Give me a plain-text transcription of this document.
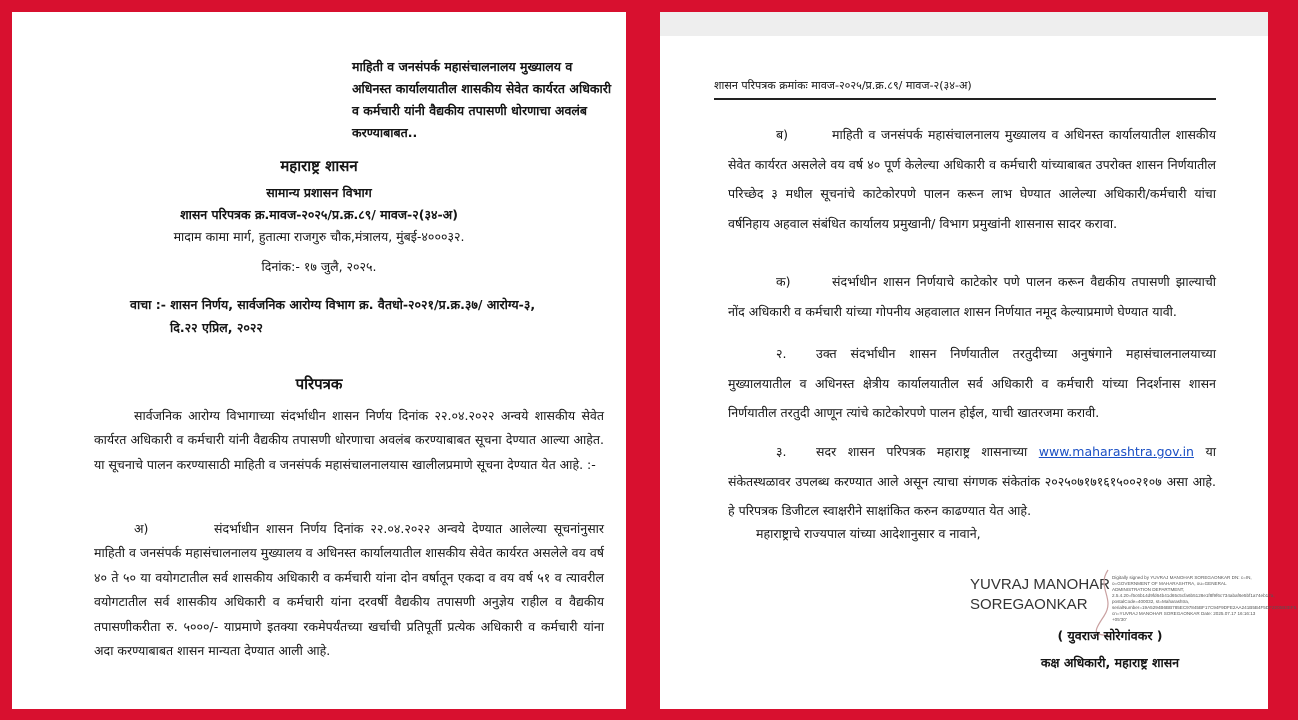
माहिती व जनसंपर्क महासंचालनालय मुख्यालय व अधिनस्त कार्यालयातील शासकीय सेवेत कार्यरत अधिकारी व कर्मचारी यांनी वैद्यकीय तपासणी धोरणाचा अवलंब करण्याबाबत..

महाराष्ट्र शासन

सामान्य प्रशासन विभाग

शासन परिपत्रक क्र.मावज-२०२५/प्र.क्र.८९/ मावज-२(३४-अ)

मादाम कामा मार्ग, हुतात्मा राजगुरु चौक,मंत्रालय, मुंबई-४०००३२.

दिनांक:- १७ जुलै, २०२५.

वाचा :- शासन निर्णय, सार्वजनिक आरोग्य विभाग क्र. वैतधो-२०२१/प्र.क्र.३७/ आरोग्य-३,

दि.२२ एप्रिल, २०२२

परिपत्रक

सार्वजनिक आरोग्य विभागाच्या संदर्भाधीन शासन निर्णय दिनांक २२.०४.२०२२ अन्वये शासकीय सेवेत कार्यरत अधिकारी व कर्मचारी यांनी वैद्यकीय तपासणी धोरणाचा अवलंब करण्याबाबत सूचना देण्यात आल्या आहेत. या सूचनाचे पालन करण्यासाठी माहिती व जनसंपर्क महासंचालनालयास खालीलप्रमाणे सूचना देण्यात येत आहे. :-

अ)	संदर्भाधीन शासन निर्णय दिनांक २२.०४.२०२२ अन्वये देण्यात आलेल्या सूचनांनुसार माहिती व जनसंपर्क महासंचालनालय मुख्यालय व अधिनस्त कार्यालयातील शासकीय सेवेत कार्यरत असलेले वय वर्ष ४० ते ५० या वयोगटातील सर्व शासकीय अधिकारी व कर्मचारी यांना दोन वर्षातून एकदा व वय वर्ष ५१ व त्यावरील वयोगटातील सर्व शासकीय अधिकारी व कर्मचारी यांना दरवर्षी वैद्यकीय तपासणी अनुज्ञेय राहील व वैद्यकीय तपासणीकरीता रु. ५०००/- याप्रमाणे इतक्या रकमेपर्यंतच्या खर्चाची प्रतिपूर्ती प्रत्येक अधिकारी व कर्मचारी यांना अदा करण्याबाबत शासन मान्यता देण्यात आली आहे.

शासन परिपत्रक क्रमांकः मावज-२०२५/प्र.क्र.८९/ मावज-२(३४-अ)

ब)	माहिती व जनसंपर्क महासंचालनालय मुख्यालय व अधिनस्त कार्यालयातील शासकीय सेवेत कार्यरत असलेले वय वर्ष ४० पूर्ण केलेल्या अधिकारी व कर्मचारी यांच्याबाबत उपरोक्त शासन निर्णयातील परिच्छेद ३ मधील सूचनांचे काटेकोरपणे पालन करून लाभ घेण्यात आलेल्या अधिकारी/कर्मचारी यांचा वर्षनिहाय अहवाल संबंधित कार्यालय प्रमुखानी/ विभाग प्रमुखांनी शासनास सादर करावा.

क)	संदर्भाधीन शासन निर्णयाचे काटेकोर पणे पालन करून वैद्यकीय तपासणी झाल्याची नोंद अधिकारी व कर्मचारी यांच्या गोपनीय अहवालात शासन निर्णयात नमूद केल्याप्रमाणे घेण्यात यावी.

२. उक्त संदर्भाधीन शासन निर्णयातील तरतुदीच्या अनुषंगाने महासंचालनालयाच्या मुख्यालयातील व अधिनस्त क्षेत्रीय कार्यालयातील सर्व अधिकारी व कर्मचारी यांच्या निदर्शनास शासन निर्णयातील तरतुदी आणून त्यांचे काटेकोरपणे पालन होईल, याची खातरजमा करावी.

३. सदर शासन परिपत्रक महाराष्ट्र शासनाच्या www.maharashtra.gov.in या संकेतस्थळावर उपलब्ध करण्यात आले असून त्याचा संगणक संकेतांक २०२५०७१७१६१५००२१०७ असा आहे. हे परिपत्रक डिजीटल स्वाक्षरीने साक्षांकित करुन काढण्यात येत आहे.

महाराष्ट्राचे राज्यपाल यांच्या आदेशानुसार व नावाने,

YUVRAJ MANOHAR
SOREGAONKAR

Digitally signed by YUVRAJ MANOHAR SOREGAONKAR DN: c=IN, o=GOVERNMENT OF MAHARASHTRA, ou=GENERAL ADMINISTRATION DEPARTMENT, 2.5.4.20=f5c6b14d9fd64b41d65c5cfa6b5128e1f8f9f6c734abaf6e5bf1a74eb17a, postalCode=400032, st=Maharashtra, serialNumber=19A5294B6BB785EC97845BF17C94F9DFE2AA241B5B4F5DF2205B3EF5, cn=YUVRAJ MANOHAR SOREGAONKAR Date: 2025.07.17 16:16:13 +05'30'

( युवराज सोरेगांवकर )

कक्ष अधिकारी, महाराष्ट्र शासन
